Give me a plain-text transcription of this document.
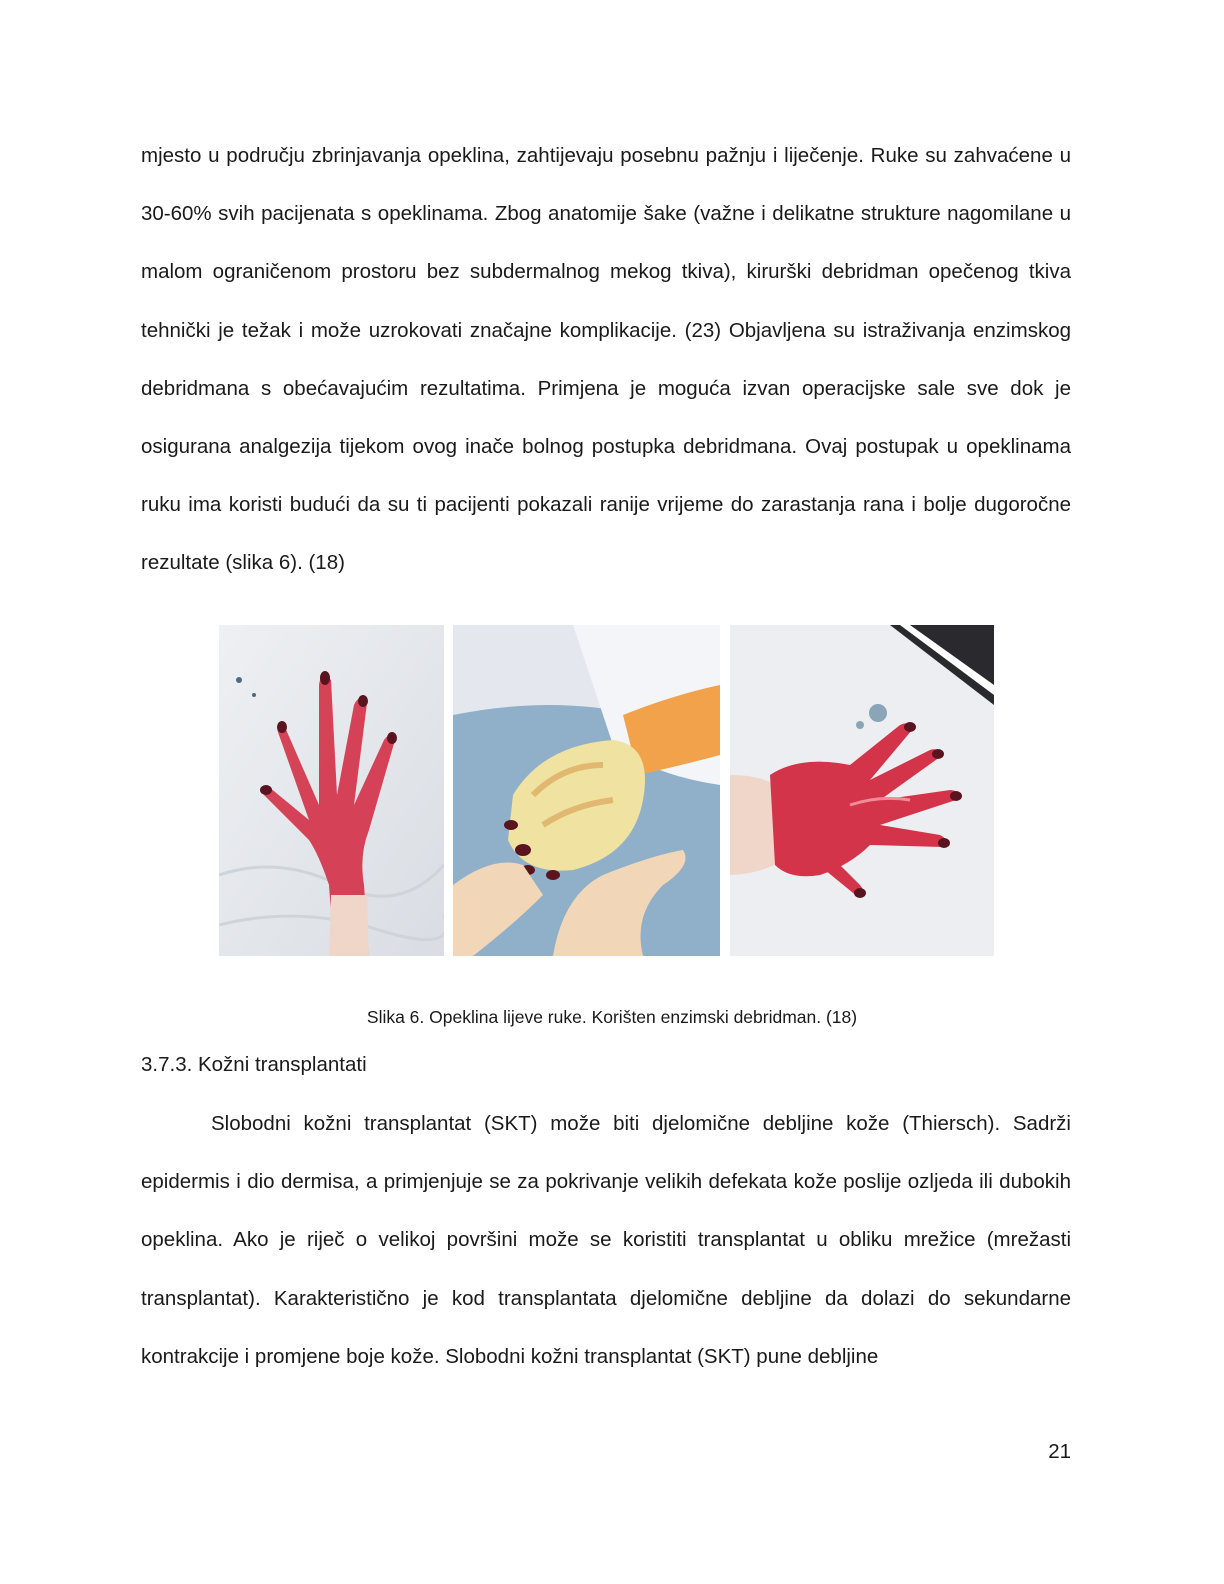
mjesto u području zbrinjavanja opeklina, zahtijevaju posebnu pažnju i liječenje. Ruke su zahvaćene u 30-60% svih pacijenata s opeklinama. Zbog anatomije šake (važne i delikatne strukture nagomilane u malom ograničenom prostoru bez subdermalnog mekog tkiva), kirurški debridman opečenog tkiva tehnički je težak i može uzrokovati značajne komplikacije. (23) Objavljena su istraživanja enzimskog debridmana s obećavajućim rezultatima. Primjena je moguća izvan operacijske sale sve dok je osigurana analgezija tijekom ovog inače bolnog postupka debridmana. Ovaj postupak u opeklinama ruku ima koristi budući da su ti pacijenti pokazali ranije vrijeme do zarastanja rana i bolje dugoročne rezultate (slika 6). (18)

Slika 6. Opeklina lijeve ruke. Korišten enzimski debridman. (18)

3.7.3. Kožni transplantati

Slobodni kožni transplantat (SKT) može biti djelomične debljine kože (Thiersch). Sadrži epidermis i dio dermisa, a primjenjuje se za pokrivanje velikih defekata kože poslije ozljeda ili dubokih opeklina. Ako je riječ o velikoj površini može se koristiti transplantat u obliku mrežice (mrežasti transplantat). Karakteristično je kod transplantata djelomične debljine da dolazi do sekundarne kontrakcije i promjene boje kože. Slobodni kožni transplantat (SKT) pune debljine

21
